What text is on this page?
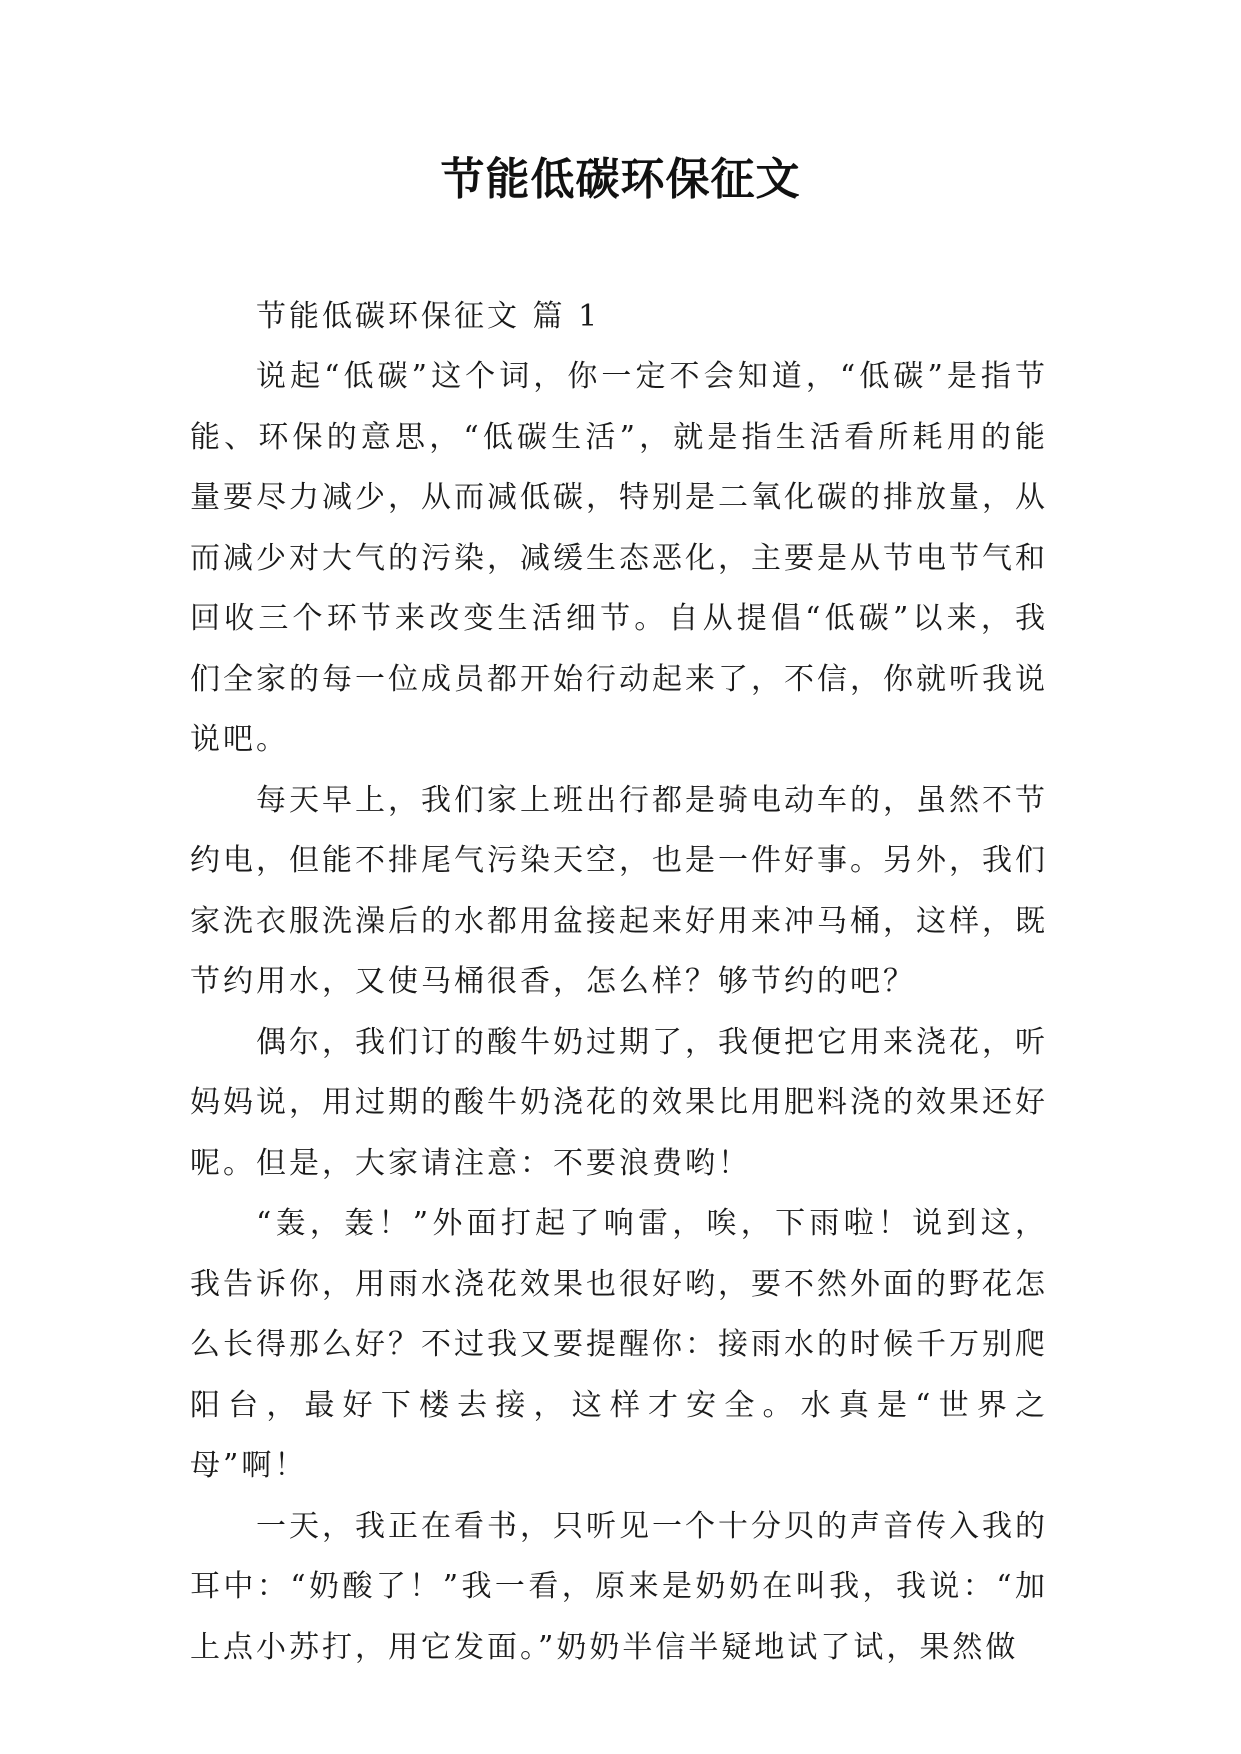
节能低碳环保征文

节能低碳环保征文 篇 1

说起“低碳”这个词，你一定不会知道，“低碳”是指节能、环保的意思，“低碳生活”，就是指生活看所耗用的能量要尽力减少，从而减低碳，特别是二氧化碳的排放量，从而减少对大气的污染，减缓生态恶化，主要是从节电节气和回收三个环节来改变生活细节。自从提倡“低碳”以来，我们全家的每一位成员都开始行动起来了，不信，你就听我说说吧。

每天早上，我们家上班出行都是骑电动车的，虽然不节约电，但能不排尾气污染天空，也是一件好事。另外，我们家洗衣服洗澡后的水都用盆接起来好用来冲马桶，这样，既节约用水，又使马桶很香，怎么样？够节约的吧？

偶尔，我们订的酸牛奶过期了，我便把它用来浇花，听妈妈说，用过期的酸牛奶浇花的效果比用肥料浇的效果还好呢。但是，大家请注意：不要浪费哟！

“轰，轰！”外面打起了响雷，唉，下雨啦！说到这，我告诉你，用雨水浇花效果也很好哟，要不然外面的野花怎么长得那么好？不过我又要提醒你：接雨水的时候千万别爬阳台，最好下楼去接，这样才安全。水真是“世界之母”啊！

一天，我正在看书，只听见一个十分贝的声音传入我的耳中：“奶酸了！”我一看，原来是奶奶在叫我，我说：“加上点小苏打，用它发面。”奶奶半信半疑地试了试，果然做
